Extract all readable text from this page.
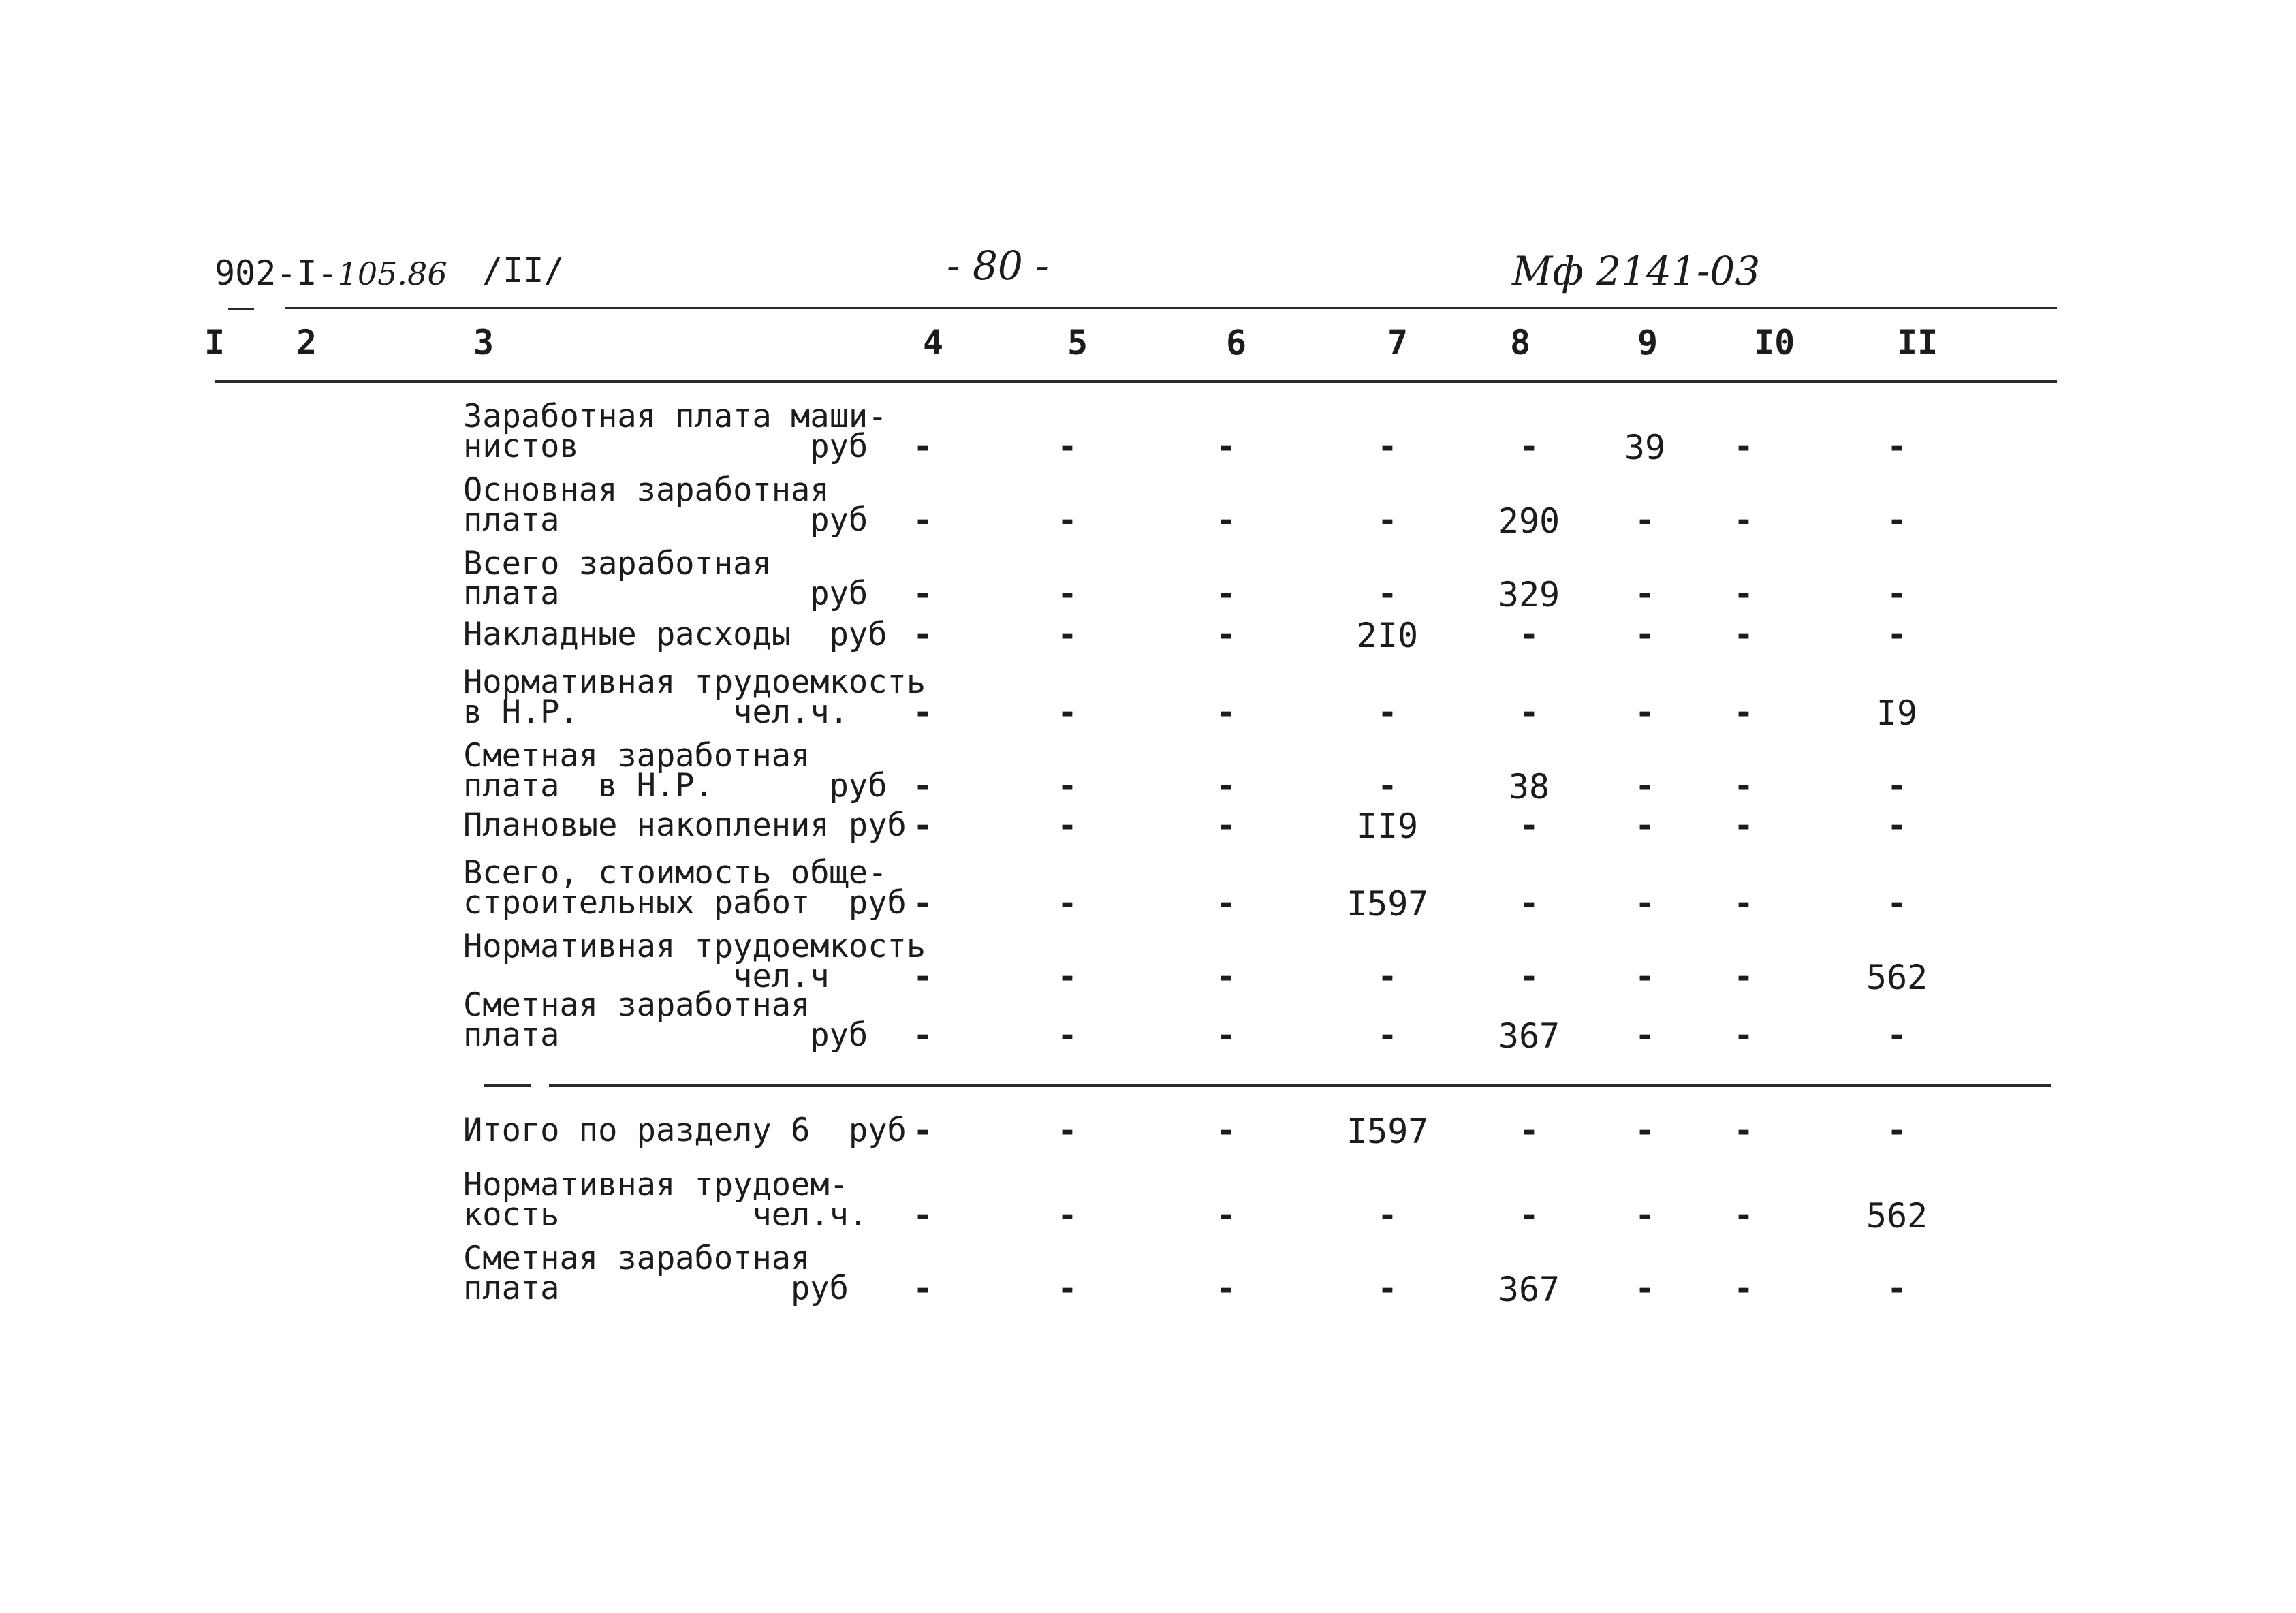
902-I-105.86 /II/	- 80 -	Мф 2141-03
I 2	3	4	5	6	7	8	9	I0	II
Заработная плата маши-
нистов            руб	-	-	-	-	-	39	-	-
Основная заработная
плата             руб	-	-	-	-	290	-	-	-
Всего заработная
плата             руб	-	-	-	-	329	-	-	-
Накладные расходы  руб -	-	-	2I0	-	-	-	-
Нормативная трудоемкость
в Н.Р.        чел.ч.	-	-	-	-	-	-	-	I9
Сметная заработная
плата  в Н.Р.      руб -	-	-	-	38	-	-	-
Плановые накопления руб -	-	-	II9	-	-	-	-
Всего, стоимость обще-
строительных работ  руб -	-	-	I597	-	-	-	-
Нормативная трудоемкость
чел.ч	-	-	-	-	-	-	-	562
Сметная заработная
плата             руб	-	-	-	-	367	-	-	-
Итого по разделу 6  руб -	-	-	I597	-	-	-	-
Нормативная трудоем-
кость          чел.ч.	-	-	-	-	-	-	-	562
Сметная заработная
плата            руб	-	-	-	-	367	-	-	-
